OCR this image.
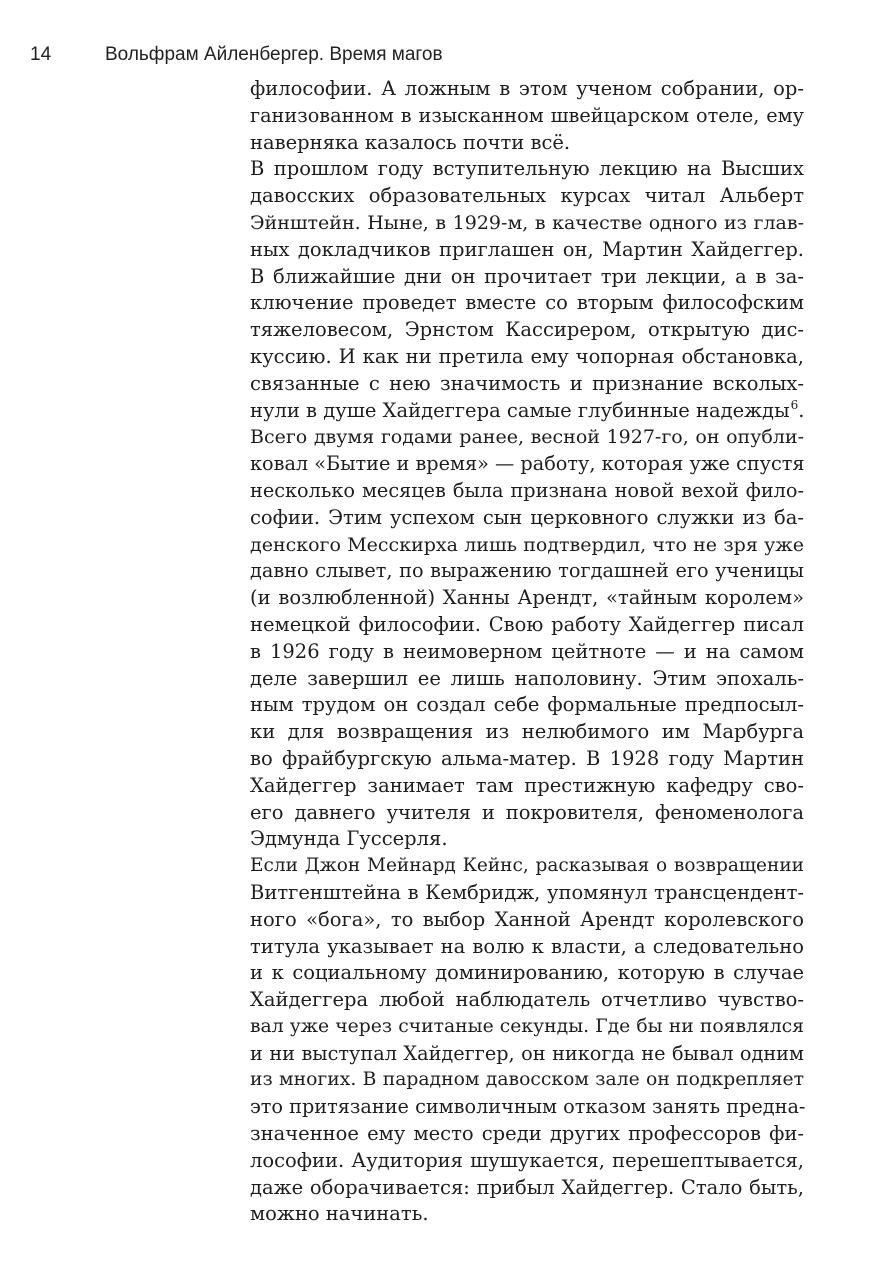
14	Вольфрам Айленбергер. Время магов
философии. А ложным в этом ученом собрании, ор-
ганизованном в изысканном швейцарском отеле, ему
наверняка казалось почти всё.
В прошлом году вступительную лекцию на Высших
давосских образовательных курсах читал Альберт
Эйнштейн. Ныне, в 1929-м, в качестве одного из глав-
ных докладчиков приглашен он, Мартин Хайдеггер.
В ближайшие дни он прочитает три лекции, а в за-
ключение проведет вместе со вторым философским
тяжеловесом, Эрнстом Кассирером, открытую дис-
куссию. И как ни претила ему чопорная обстановка,
связанные с нею значимость и признание всколых-
нули в душе Хайдеггера самые глубинные надежды$^6$.
Всего двумя годами ранее, весной 1927-го, он опубли-
ковал «Бытие и время» — работу, которая уже спустя
несколько месяцев была признана новой вехой фило-
софии. Этим успехом сын церковного служки из ба-
денского Месскирха лишь подтвердил, что не зря уже
давно слывет, по выражению тогдашней его ученицы
(и возлюбленной) Ханны Арендт, «тайным королем»
немецкой философии. Свою работу Хайдеггер писал
в 1926 году в неимоверном цейтноте — и на самом
деле завершил ее лишь наполовину. Этим эпохаль-
ным трудом он создал себе формальные предпосыл-
ки для возвращения из нелюбимого им Марбурга
во фрайбургскую альма-матер. В 1928 году Мартин
Хайдеггер занимает там престижную кафедру сво-
его давнего учителя и покровителя, феноменолога
Эдмунда Гуссерля.
Если Джон Мейнард Кейнс, раcказывая о возвращении
Витгенштейна в Кембридж, упомянул трансцендент-
ного «бога», то выбор Ханной Арендт королевского
титула указывает на волю к власти, а следовательно
и к социальному доминированию, которую в случае
Хайдеггера любой наблюдатель отчетливо чувство-
вал уже через считаные секунды. Где бы ни появлялся
и ни выступал Хайдеггер, он никогда не бывал одним
из многих. В парадном давосском зале он подкрепляет
это притязание символичным отказом занять предна-
значенное ему место среди других профессоров фи-
лософии. Аудитория шушукается, перешептывается,
даже оборачивается: прибыл Хайдеггер. Стало быть,
можно начинать.
